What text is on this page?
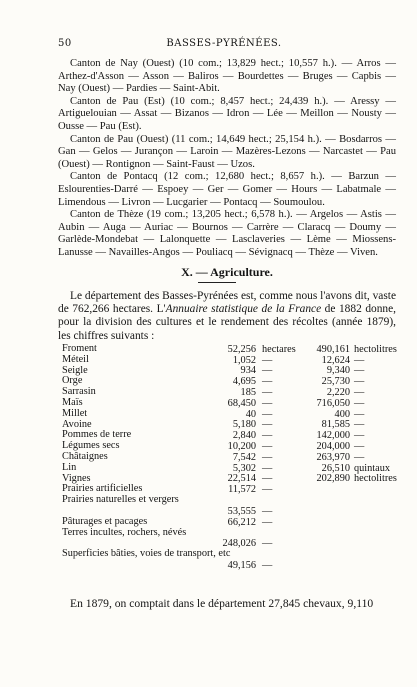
50	BASSES-PYRÉNÉES.

Canton de Nay (Ouest) (10 com.; 13,829 hect.; 10,557 h.). — Arros — Arthez-d'Asson — Asson — Baliros — Bourdettes — Bruges — Capbis — Nay (Ouest) — Pardies — Saint-Abit.

Canton de Pau (Est) (10 com.; 8,457 hect.; 24,439 h.). — Aressy — Artiguelouian — Assat — Bizanos — Idron — Lée — Meillon — Nousty — Ousse — Pau (Est).

Canton de Pau (Ouest) (11 com.; 14,649 hect.; 25,154 h.). — Bosdarros — Gan — Gelos — Jurançon — Laroin — Mazères-Lezons — Narcastet — Pau (Ouest) — Rontignon — Saint-Faust — Uzos.

Canton de Pontacq (12 com.; 12,680 hect.; 8,657 h.). — Barzun — Eslourenties-Darré — Espoey — Ger — Gomer — Hours — Labatmale — Limendous — Livron — Lucgarier — Pontacq — Soumoulou.

Canton de Thèze (19 com.; 13,205 hect.; 6,578 h.). — Argelos — Astis — Aubin — Auga — Auriac — Bournos — Carrère — Claracq — Doumy — Garlède-Mondebat — Lalonquette — Lasclaveries — Lème — Miossens-Lanusse — Navailles-Angos — Pouliacq — Sévignacq — Thèze — Viven.

X. — Agriculture.
Le département des Basses-Pyrénées est, comme nous l'avons dit, vaste de 762,266 hectares. L'Annuaire statistique de la France de 1882 donne, pour la division des cultures et le rendement des récoltes (année 1879), les chiffres suivants :
Froment	52,256 hectares 490,161 hectolitres
Méteil	1,052 —	12,624 —
Seigle	934 —	9,340 —
Orge	4,695 —	25,730 —
Sarrasin	185 —	2,220 —
Maïs	68,450 —	716,050 —
Millet	40 —	400 —
Avoine	5,180 —	81,585 —
Pommes de terre	2,840 —	142,000 —
Légumes secs	10,200 —	204,000 —
Châtaignes	7,542 —	263,970 —
Lin	5,302 —	26,510 quintaux
Vignes	22,514 —	202,890 hectolitres
Prairies artificielles	11,572 —
Prairies naturelles et vergers
53,555 —
Pâturages et pacages	66,212 —
Terres incultes, rochers, névés
248,026 —
Superficies bâties, voies de transport, etc
49,156 —
En 1879, on comptait dans le département 27,845 chevaux, 9,110
